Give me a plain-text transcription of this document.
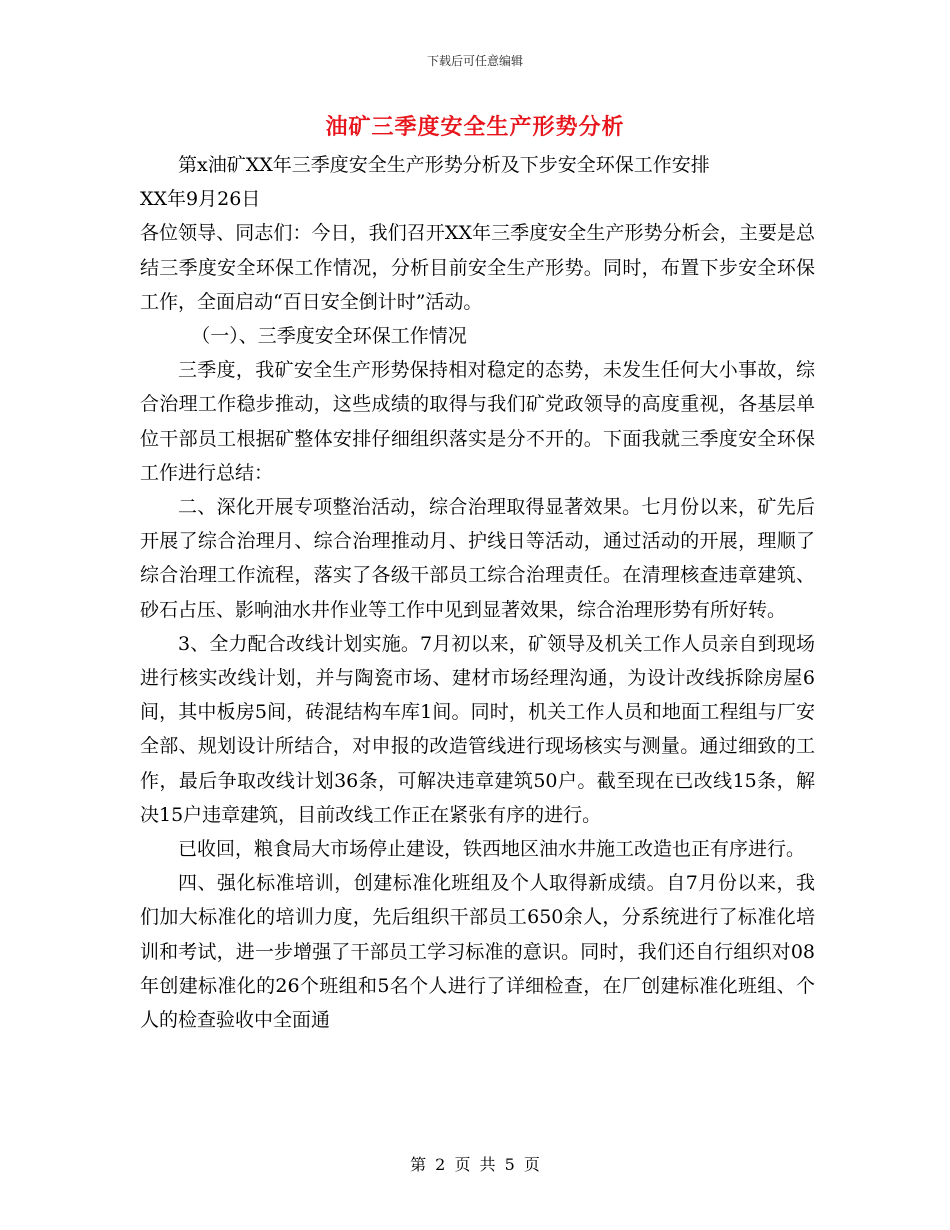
下载后可任意编辑
油矿三季度安全生产形势分析

第x油矿XX年三季度安全生产形势分析及下步安全环保工作安排

XX年9月26日

各位领导、同志们：今日，我们召开XX年三季度安全生产形势分析会，主要是总结三季度安全环保工作情况，分析目前安全生产形势。同时，布置下步安全环保工作，全面启动“百日安全倒计时”活动。

（一）、三季度安全环保工作情况

三季度，我矿安全生产形势保持相对稳定的态势，未发生任何大小事故，综合治理工作稳步推动，这些成绩的取得与我们矿党政领导的高度重视，各基层单位干部员工根据矿整体安排仔细组织落实是分不开的。下面我就三季度安全环保工作进行总结：

二、深化开展专项整治活动，综合治理取得显著效果。七月份以来，矿先后开展了综合治理月、综合治理推动月、护线日等活动，通过活动的开展，理顺了综合治理工作流程，落实了各级干部员工综合治理责任。在清理核查违章建筑、砂石占压、影响油水井作业等工作中见到显著效果，综合治理形势有所好转。

3、全力配合改线计划实施。7月初以来，矿领导及机关工作人员亲自到现场进行核实改线计划，并与陶瓷市场、建材市场经理沟通，为设计改线拆除房屋6间，其中板房5间，砖混结构车库1间。同时，机关工作人员和地面工程组与厂安全部、规划设计所结合，对申报的改造管线进行现场核实与测量。通过细致的工作，最后争取改线计划36条，可解决违章建筑50户。截至现在已改线15条，解决15户违章建筑，目前改线工作正在紧张有序的进行。

已收回，粮食局大市场停止建设，铁西地区油水井施工改造也正有序进行。

四、强化标准培训，创建标准化班组及个人取得新成绩。自7月份以来，我们加大标准化的培训力度，先后组织干部员工650余人，分系统进行了标准化培训和考试，进一步增强了干部员工学习标准的意识。同时，我们还自行组织对08年创建标准化的26个班组和5名个人进行了详细检查，在厂创建标准化班组、个人的检查验收中全面通

第 2 页 共 5 页
